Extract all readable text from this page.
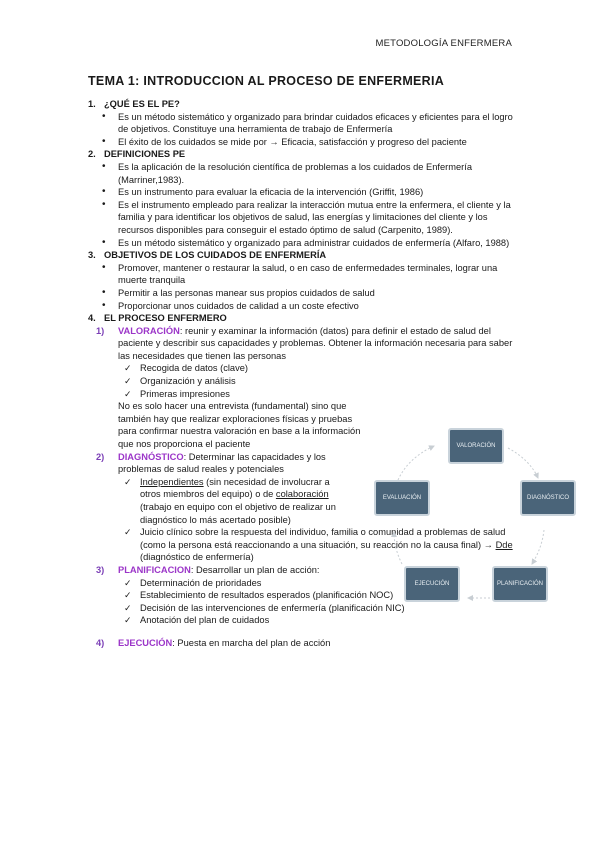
METODOLOGÍA ENFERMERA
TEMA 1: INTRODUCCION AL PROCESO DE ENFERMERIA
1. ¿QUÉ ES EL PE?
• Es un método sistemático y organizado para brindar cuidados eficaces y eficientes para el logro de objetivos. Constituye una herramienta de trabajo de Enfermería
• El éxito de los cuidados se mide por → Eficacia, satisfacción y progreso del paciente
2. DEFINICIONES PE
• Es la aplicación de la resolución científica de problemas a los cuidados de Enfermería (Marriner,1983).
• Es un instrumento para evaluar la eficacia de la intervención (Griffit, 1986)
• Es el instrumento empleado para realizar la interacción mutua entre la enfermera, el cliente y la familia y para identificar los objetivos de salud, las energías y limitaciones del cliente y los recursos disponibles para conseguir el estado óptimo de salud (Carpenito, 1989).
• Es un método sistemático y organizado para administrar cuidados de enfermería (Alfaro, 1988)
3. OBJETIVOS DE LOS CUIDADOS DE ENFERMERÍA
• Promover, mantener o restaurar la salud, o en caso de enfermedades terminales, lograr una muerte tranquila
• Permitir a las personas manear sus propios cuidados de salud
• Proporcionar unos cuidados de calidad a un coste efectivo
4. EL PROCESO ENFERMERO
1) VALORACIÓN: reunir y examinar la información (datos) para definir el estado de salud del paciente y describir sus capacidades y problemas. Obtener la información necesaria para saber las necesidades que tienen las personas
✓ Recogida de datos (clave)
✓ Organización y análisis
✓ Primeras impresiones
No es solo hacer una entrevista (fundamental) sino que también hay que realizar exploraciones físicas y pruebas para confirmar nuestra valoración en base a la información que nos proporciona el paciente
2) DIAGNÓSTICO: Determinar las capacidades y los problemas de salud reales y potenciales
✓ Independientes (sin necesidad de involucrar a otros miembros del equipo) o de colaboración (trabajo en equipo con el objetivo de realizar un diagnóstico lo más acertado posible)
✓ Juicio clínico sobre la respuesta del individuo, familia o comunidad a problemas de salud (como la persona está reaccionando a una situación, su reacción no la causa final) → Dde (diagnóstico de enfermería)
3) PLANIFICACION: Desarrollar un plan de acción:
✓ Determinación de prioridades
✓ Establecimiento de resultados esperados (planificación NOC)
✓ Decisión de las intervenciones de enfermería (planificación NIC)
✓ Anotación del plan de cuidados
4) EJECUCIÓN: Puesta en marcha del plan de acción
VALORACIÓN
DIAGNÓSTICO
PLANIFICACIÓN
EJECUCIÓN
EVALUACIÓN
